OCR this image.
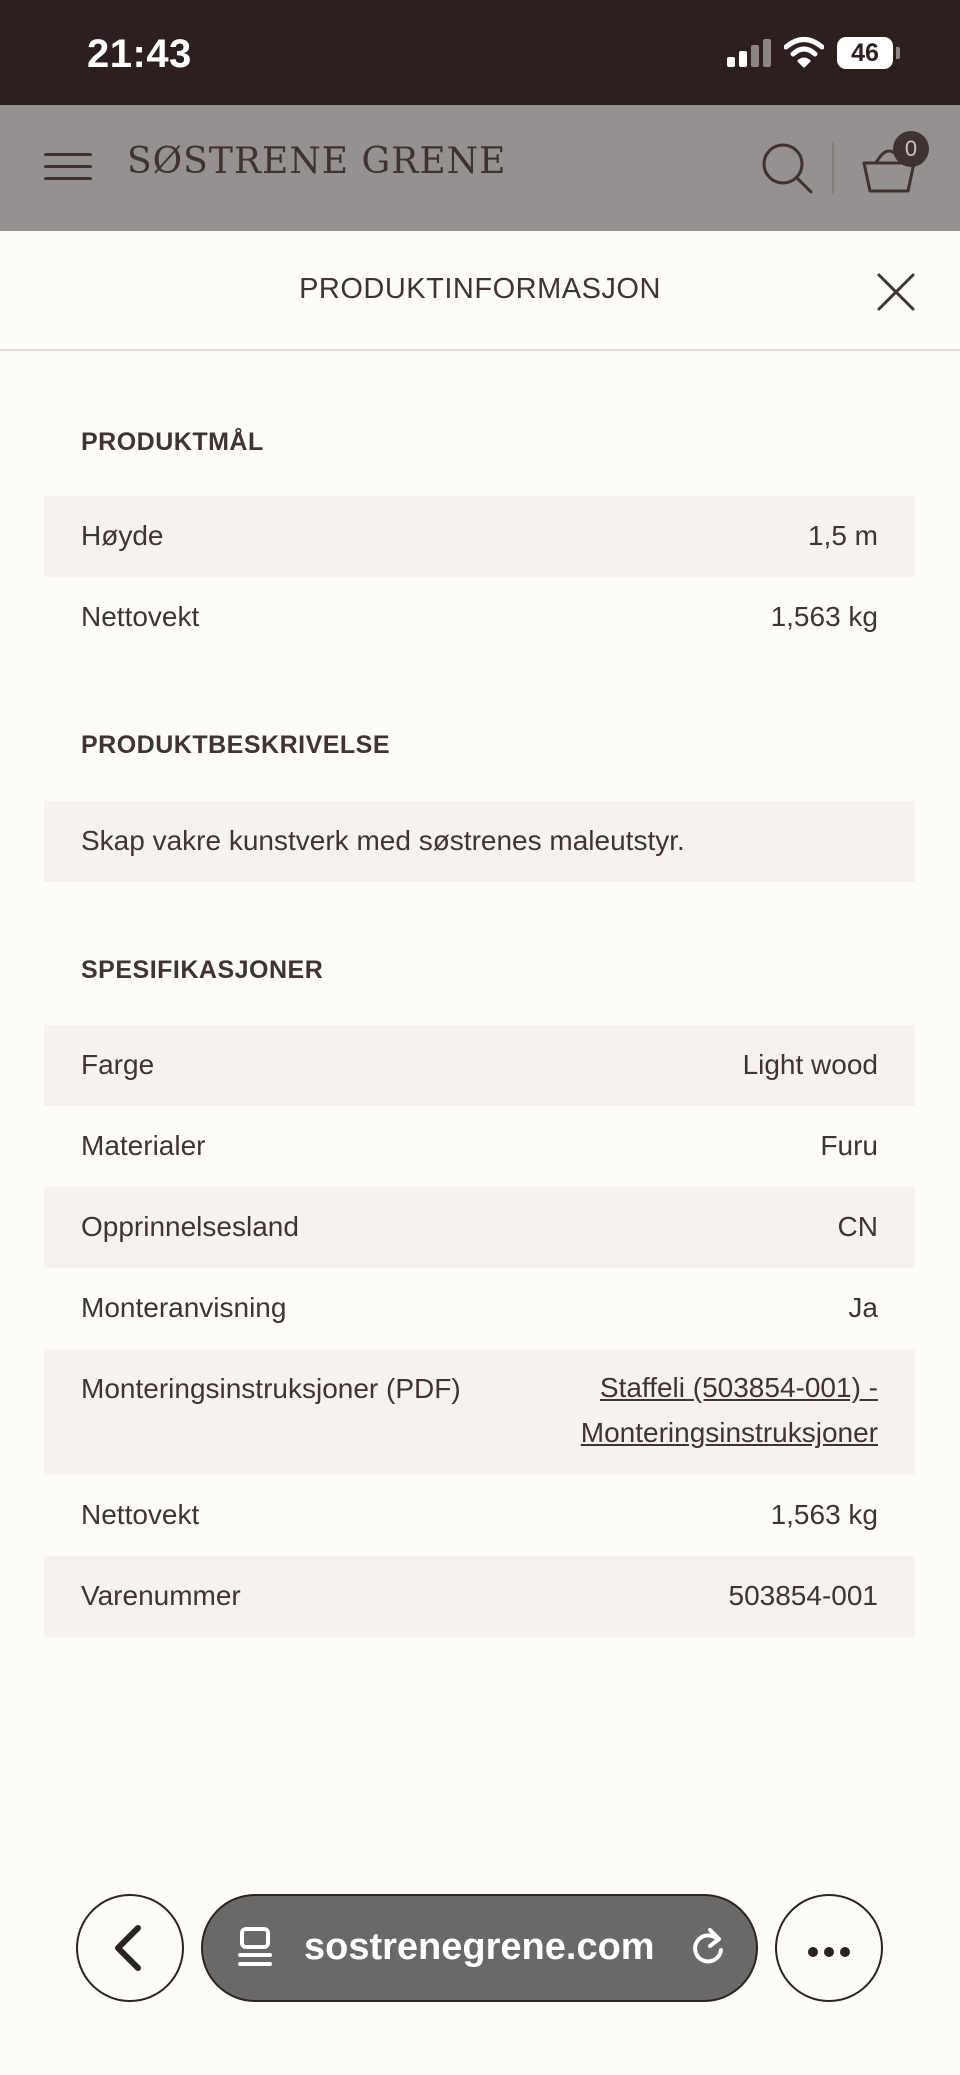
21:43	46
SØSTRENE GRENE	0
PRODUKTINFORMASJON
PRODUKTMÅL
Høyde	1,5 m
Nettovekt	1,563 kg
PRODUKTBESKRIVELSE
Skap vakre kunstverk med søstrenes maleutstyr.
SPESIFIKASJONER
Farge	Light wood
Materialer	Furu
Opprinnelsesland	CN
Monteranvisning	Ja
Monteringsinstruksjoner (PDF)	Staffeli (503854-001) -
Monteringsinstruksjoner
Nettovekt	1,563 kg
Varenummer	503854-001
sostrenegrene.com
